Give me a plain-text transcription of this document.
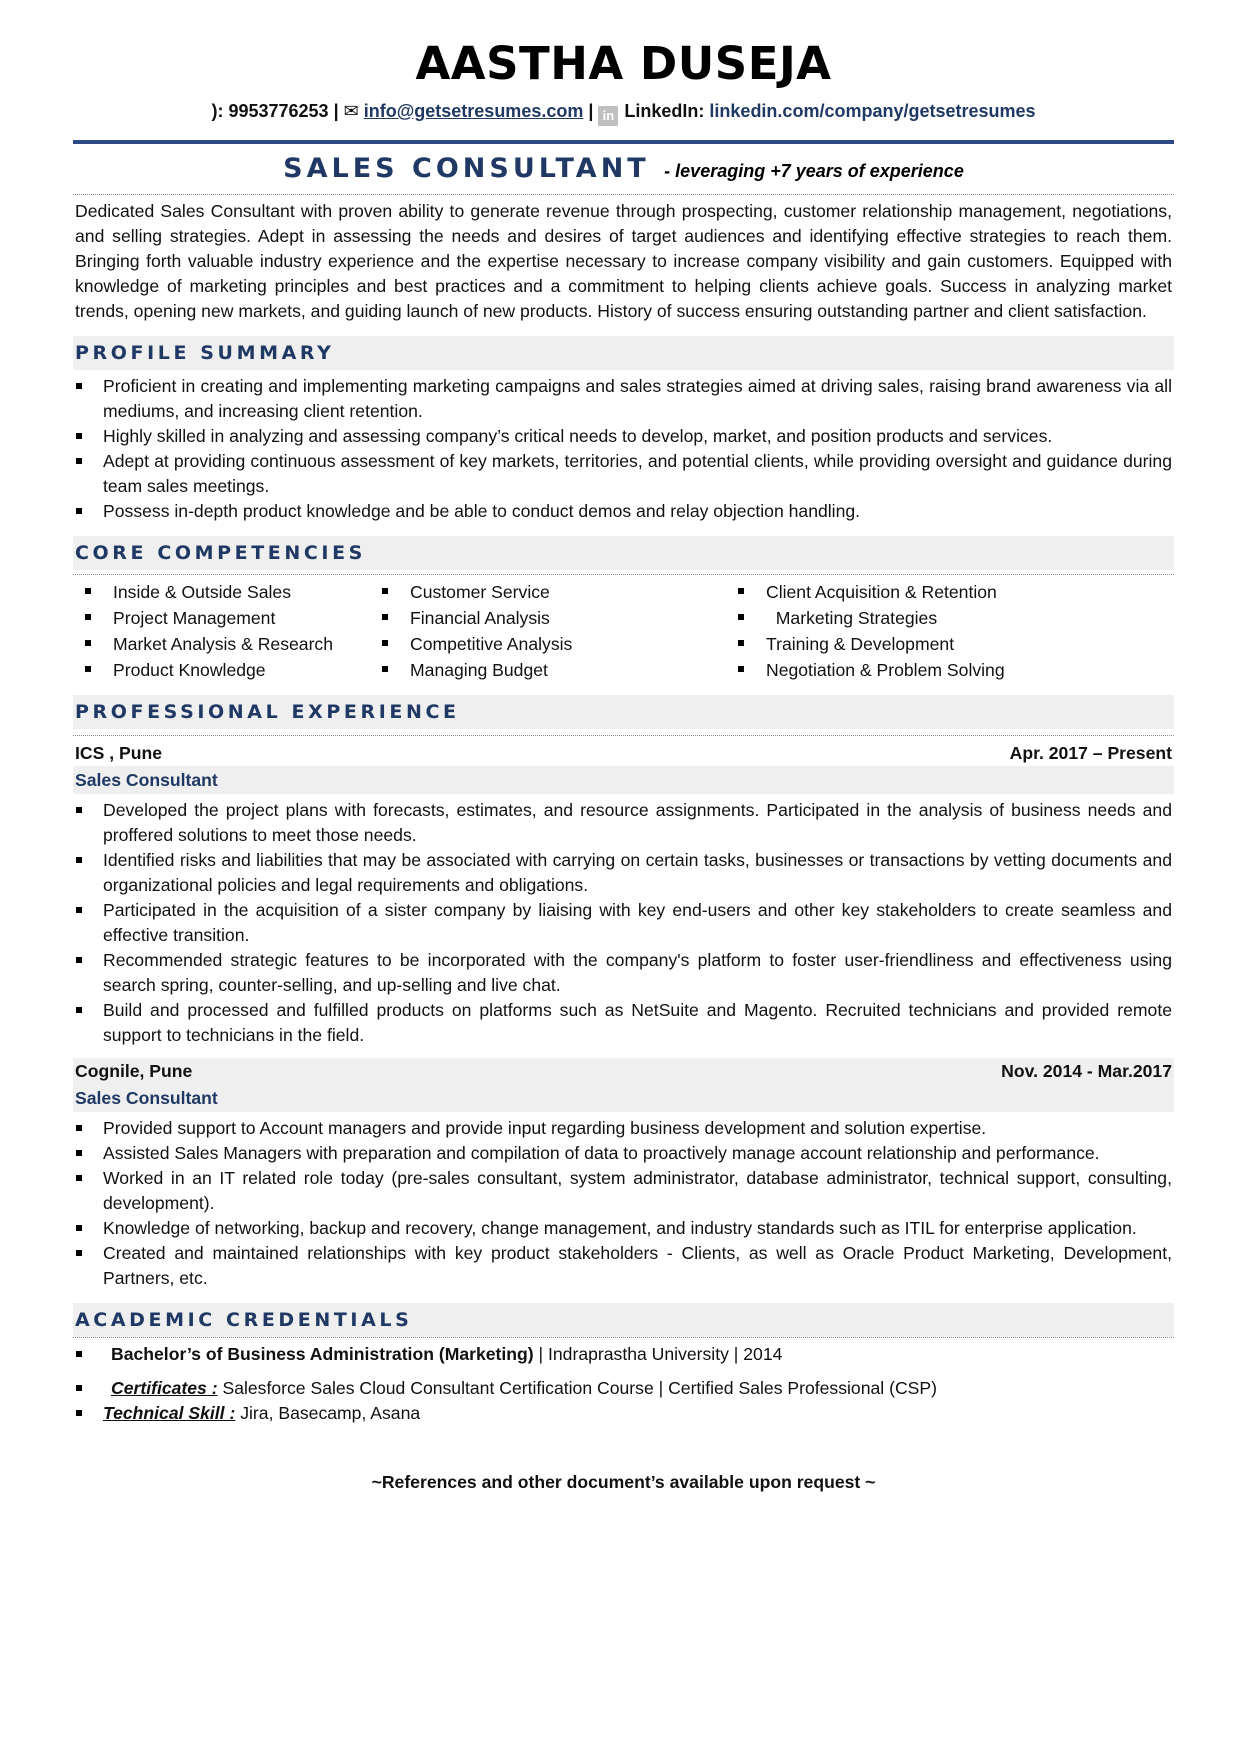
AASTHA DUSEJA
): 9953776253 | ✉ info@getsetresumes.com | in LinkedIn: linkedin.com/company/getsetresumes
SALES CONSULTANT - leveraging +7 years of experience
Dedicated Sales Consultant with proven ability to generate revenue through prospecting, customer relationship management, negotiations, and selling strategies. Adept in assessing the needs and desires of target audiences and identifying effective strategies to reach them. Bringing forth valuable industry experience and the expertise necessary to increase company visibility and gain customers. Equipped with knowledge of marketing principles and best practices and a commitment to helping clients achieve goals. Success in analyzing market trends, opening new markets, and guiding launch of new products. History of success ensuring outstanding partner and client satisfaction.
PROFILE SUMMARY
Proficient in creating and implementing marketing campaigns and sales strategies aimed at driving sales, raising brand awareness via all mediums, and increasing client retention.
Highly skilled in analyzing and assessing company’s critical needs to develop, market, and position products and services.
Adept at providing continuous assessment of key markets, territories, and potential clients, while providing oversight and guidance during team sales meetings.
Possess in-depth product knowledge and be able to conduct demos and relay objection handling.
CORE COMPETENCIES
Inside & Outside Sales
Project Management
Market Analysis & Research
Product Knowledge
Customer Service
Financial Analysis
Competitive Analysis
Managing Budget
Client Acquisition & Retention
Marketing Strategies
Training & Development
Negotiation & Problem Solving
PROFESSIONAL EXPERIENCE
ICS , Pune	Apr. 2017 – Present
Sales Consultant
Developed the project plans with forecasts, estimates, and resource assignments. Participated in the analysis of business needs and proffered solutions to meet those needs.
Identified risks and liabilities that may be associated with carrying on certain tasks, businesses or transactions by vetting documents and organizational policies and legal requirements and obligations.
Participated in the acquisition of a sister company by liaising with key end-users and other key stakeholders to create seamless and effective transition.
Recommended strategic features to be incorporated with the company's platform to foster user-friendliness and effectiveness using search spring, counter-selling, and up-selling and live chat.
Build and processed and fulfilled products on platforms such as NetSuite and Magento. Recruited technicians and provided remote support to technicians in the field.
Cognile, Pune	Nov. 2014 - Mar.2017
Sales Consultant
Provided support to Account managers and provide input regarding business development and solution expertise.
Assisted Sales Managers with preparation and compilation of data to proactively manage account relationship and performance.
Worked in an IT related role today (pre-sales consultant, system administrator, database administrator, technical support, consulting, development).
Knowledge of networking, backup and recovery, change management, and industry standards such as ITIL for enterprise application.
Created and maintained relationships with key product stakeholders - Clients, as well as Oracle Product Marketing, Development, Partners, etc.
ACADEMIC CREDENTIALS
Bachelor’s of Business Administration (Marketing) | Indraprastha University | 2014
Certificates : Salesforce Sales Cloud Consultant Certification Course | Certified Sales Professional (CSP)
Technical Skill : Jira, Basecamp, Asana
~References and other document’s available upon request ~
